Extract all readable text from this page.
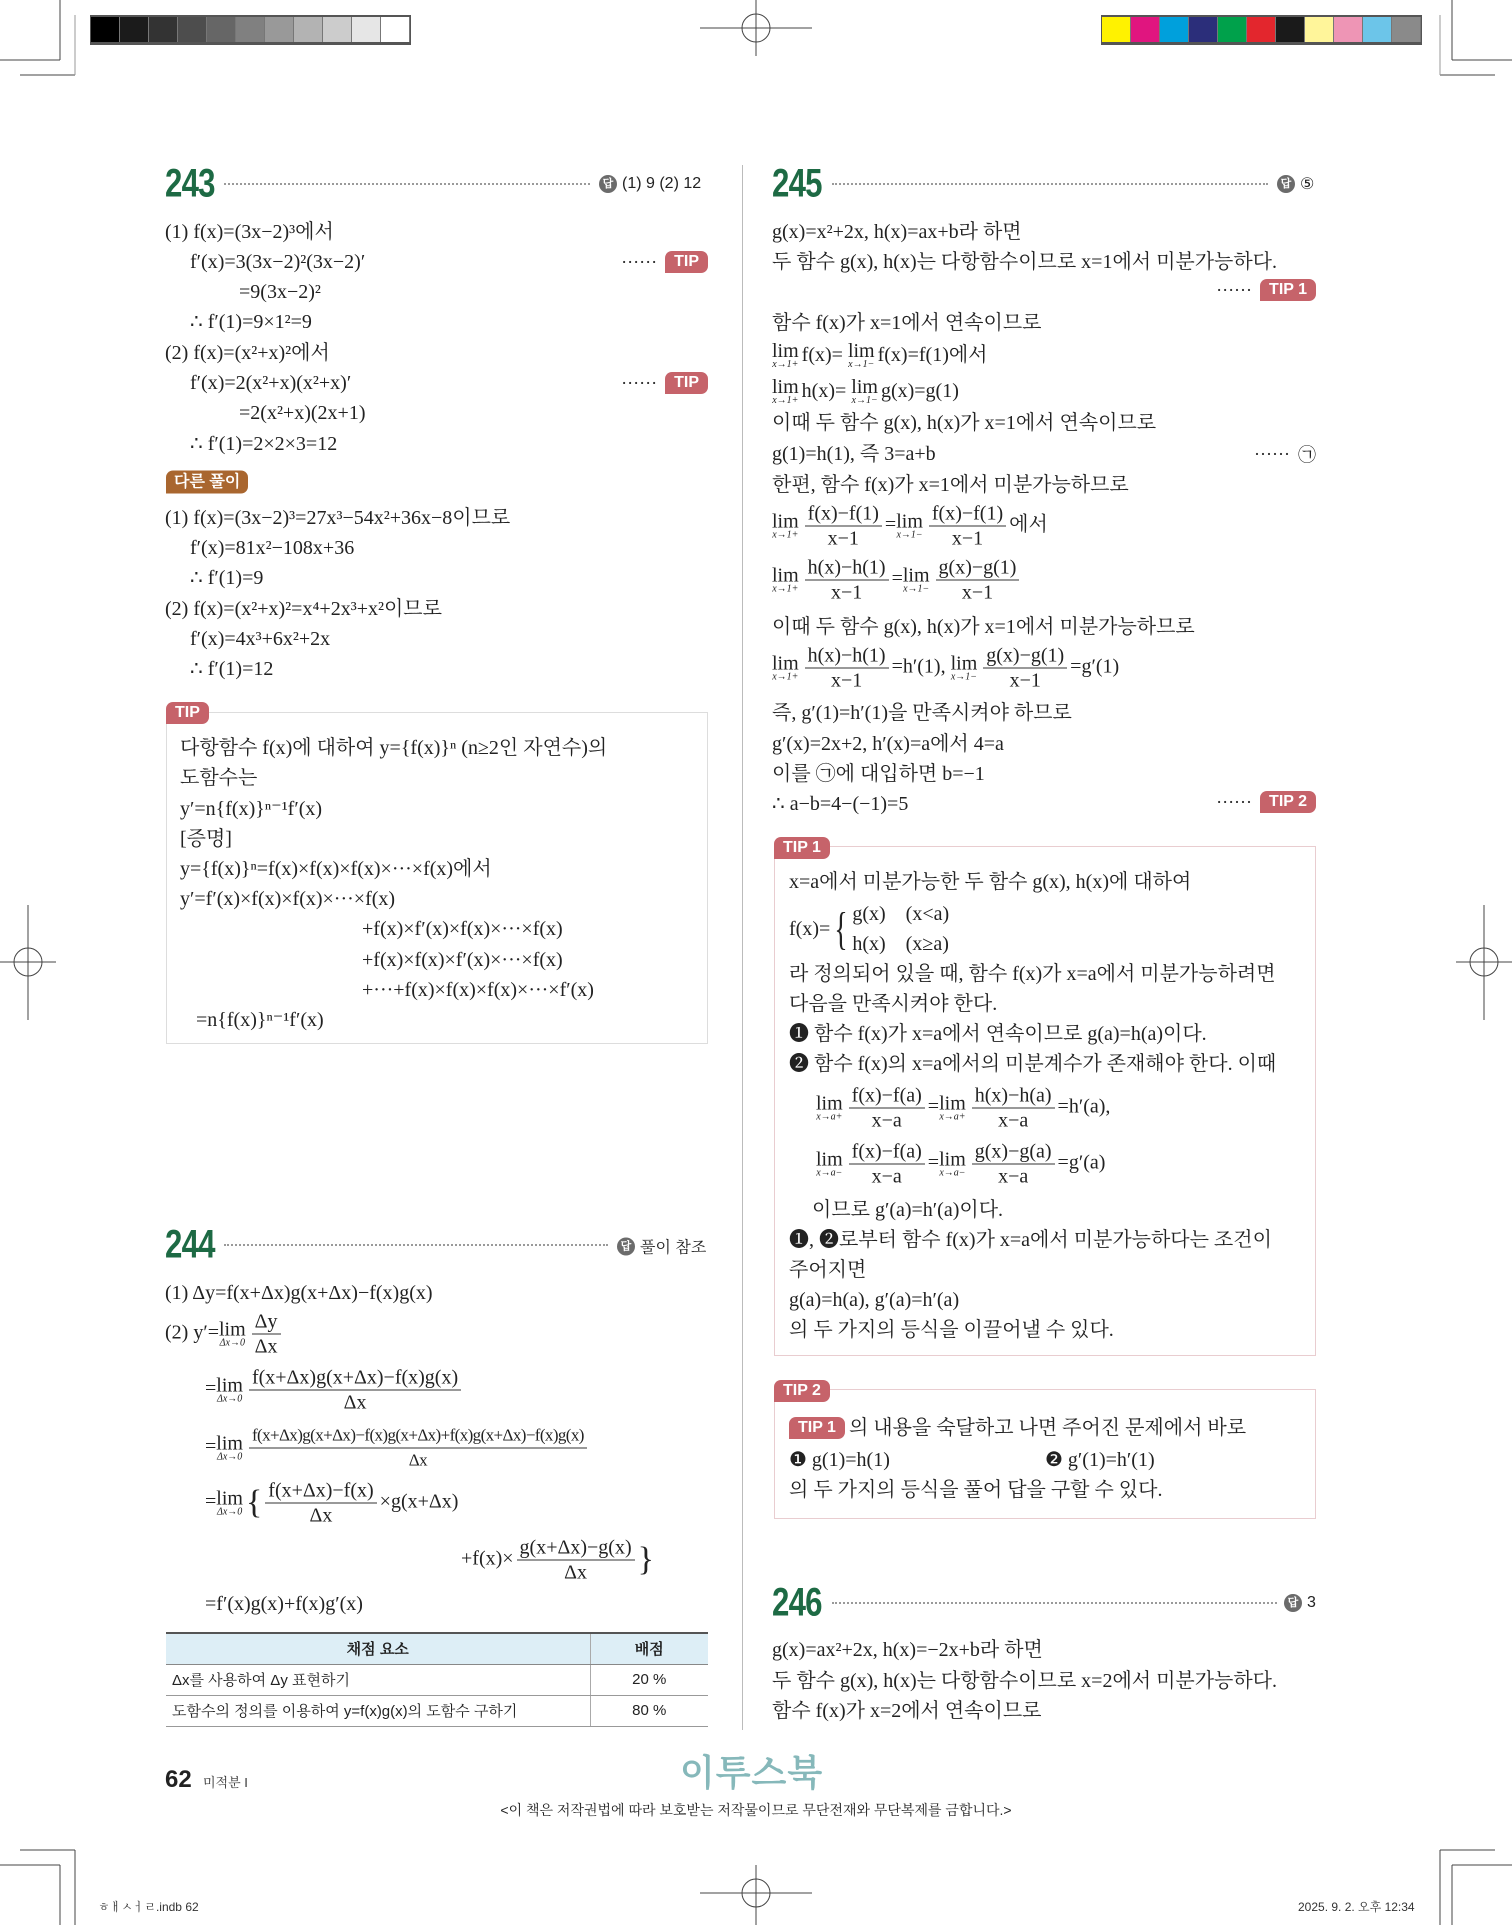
243	답 (1) 9 (2) 12
(1) f(x)=(3x−2)³에서
f′(x)=3(3x−2)²(3x−2)′	······	TIP
=9(3x−2)²
∴ f′(1)=9×1²=9
(2) f(x)=(x²+x)²에서
f′(x)=2(x²+x)(x²+x)′	······	TIP
=2(x²+x)(2x+1)
∴ f′(1)=2×2×3=12
다른 풀이
(1) f(x)=(3x−2)³=27x³−54x²+36x−8이므로
f′(x)=81x²−108x+36
∴ f′(1)=9
(2) f(x)=(x²+x)²=x⁴+2x³+x²이므로
f′(x)=4x³+6x²+2x
∴ f′(1)=12
TIP
다항함수 f(x)에 대하여 y={f(x)}ⁿ (n≥2인 자연수)의
도함수는
y′=n{f(x)}ⁿ⁻¹f′(x)
[증명]
y={f(x)}ⁿ=f(x)×f(x)×f(x)×···×f(x)에서
y′=f′(x)×f(x)×f(x)×···×f(x)
+f(x)×f′(x)×f(x)×···×f(x)
+f(x)×f(x)×f′(x)×···×f(x)
+···+f(x)×f(x)×f(x)×···×f′(x)
=n{f(x)}ⁿ⁻¹f′(x)
244	답 풀이 참조
(1) Δy=f(x+Δx)g(x+Δx)−f(x)g(x)
(2) y′= lim
$\Delta x\to 0 \frac{\Delta y}{\Delta x}$
= lim
$\Delta x\to 0 \frac{f(x+\Delta x)g(x+\Delta x)-f(x)g(x)}{\Delta x}$
= lim
$\Delta x\to 0 \frac{f(x+\Delta x)g(x+\Delta x)-f(x)g(x+\Delta x)+f(x)g(x+\Delta x)-f(x)g(x)}{\Delta x}$
= lim
Δx→0 { $\frac{f(x+\Delta x)-f(x)}{\Delta x} \times g(x+\Delta x)$
$+f(x)\times \frac{g(x+\Delta x)-g(x)}{\Delta x}$ }
=f′(x)g(x)+f(x)g′(x)
채점 요소	배점
Δx를 사용하여 Δy 표현하기	20 %
도함수의 정의를 이용하여 y=f(x)g(x)의 도함수 구하기	80 %
245	답 ⑤
g(x)=x²+2x, h(x)=ax+b라 하면
두 함수 g(x), h(x)는 다항함수이므로 x=1에서 미분가능하다.
······	TIP 1
함수 f(x)가 x=1에서 연속이므로
lim
x→1+ f(x)= lim
x→1− f(x)=f(1)에서
lim
x→1+ h(x)= lim
x→1− g(x)=g(1)
이때 두 함수 g(x), h(x)가 x=1에서 연속이므로
g(1)=h(1), 즉 3=a+b	······ ㉠
한편, 함수 f(x)가 x=1에서 미분가능하므로
lim
$x\to 1+ \frac{f(x)-f(1)}{x-1} = \lim$
$x\to 1- \frac{f(x)-f(1)}{x-1}$ 에서
lim
$x\to 1+ \frac{h(x)-h(1)}{x-1} = \lim$
$x\to 1- \frac{g(x)-g(1)}{x-1}$
이때 두 함수 g(x), h(x)가 x=1에서 미분가능하므로
lim
$x\to 1+ \frac{h(x)-h(1)}{x-1} =h'(1)$, lim
$x\to 1- \frac{g(x)-g(1)}{x-1} =g'(1)$
즉, g′(1)=h′(1)을 만족시켜야 하므로
g′(x)=2x+2, h′(x)=a에서 4=a
이를 ㉠에 대입하면 b=−1
∴ a−b=4−(−1)=5	······	TIP 2
TIP 1
x=a에서 미분가능한 두 함수 g(x), h(x)에 대하여
f(x)= { g(x)    (x<a)
h(x)    (x≥a)
라 정의되어 있을 때, 함수 f(x)가 x=a에서 미분가능하려면
다음을 만족시켜야 한다.
❶ 함수 f(x)가 x=a에서 연속이므로 g(a)=h(a)이다.
❷ 함수 f(x)의 x=a에서의 미분계수가 존재해야 한다. 이때
lim
$x\to a+ \frac{f(x)-f(a)}{x-a} = \lim$
$x\to a+ \frac{h(x)-h(a)}{x-a} =h'(a)$,
lim
$x\to a- \frac{f(x)-f(a)}{x-a} = \lim$
$x\to a- \frac{g(x)-g(a)}{x-a} =g'(a)$
이므로 g′(a)=h′(a)이다.
❶, ❷로부터 함수 f(x)가 x=a에서 미분가능하다는 조건이
주어지면
g(a)=h(a), g′(a)=h′(a)
의 두 가지의 등식을 이끌어낼 수 있다.
TIP 2
TIP 1 의 내용을 숙달하고 나면 주어진 문제에서 바로
❶ g(1)=h(1)	❷ g′(1)=h′(1)
의 두 가지의 등식을 풀어 답을 구할 수 있다.
246	답 3
g(x)=ax²+2x, h(x)=−2x+b라 하면
두 함수 g(x), h(x)는 다항함수이므로 x=2에서 미분가능하다.
함수 f(x)가 x=2에서 연속이므로
62 미적분 I	이투스북
<이 책은 저작권법에 따라 보호받는 저작물이므로 무단전재와 무단복제를 금합니다.>
ㅎㅐㅅㅓㄹ.indb 62	2025. 9. 2. 오후 12:34
